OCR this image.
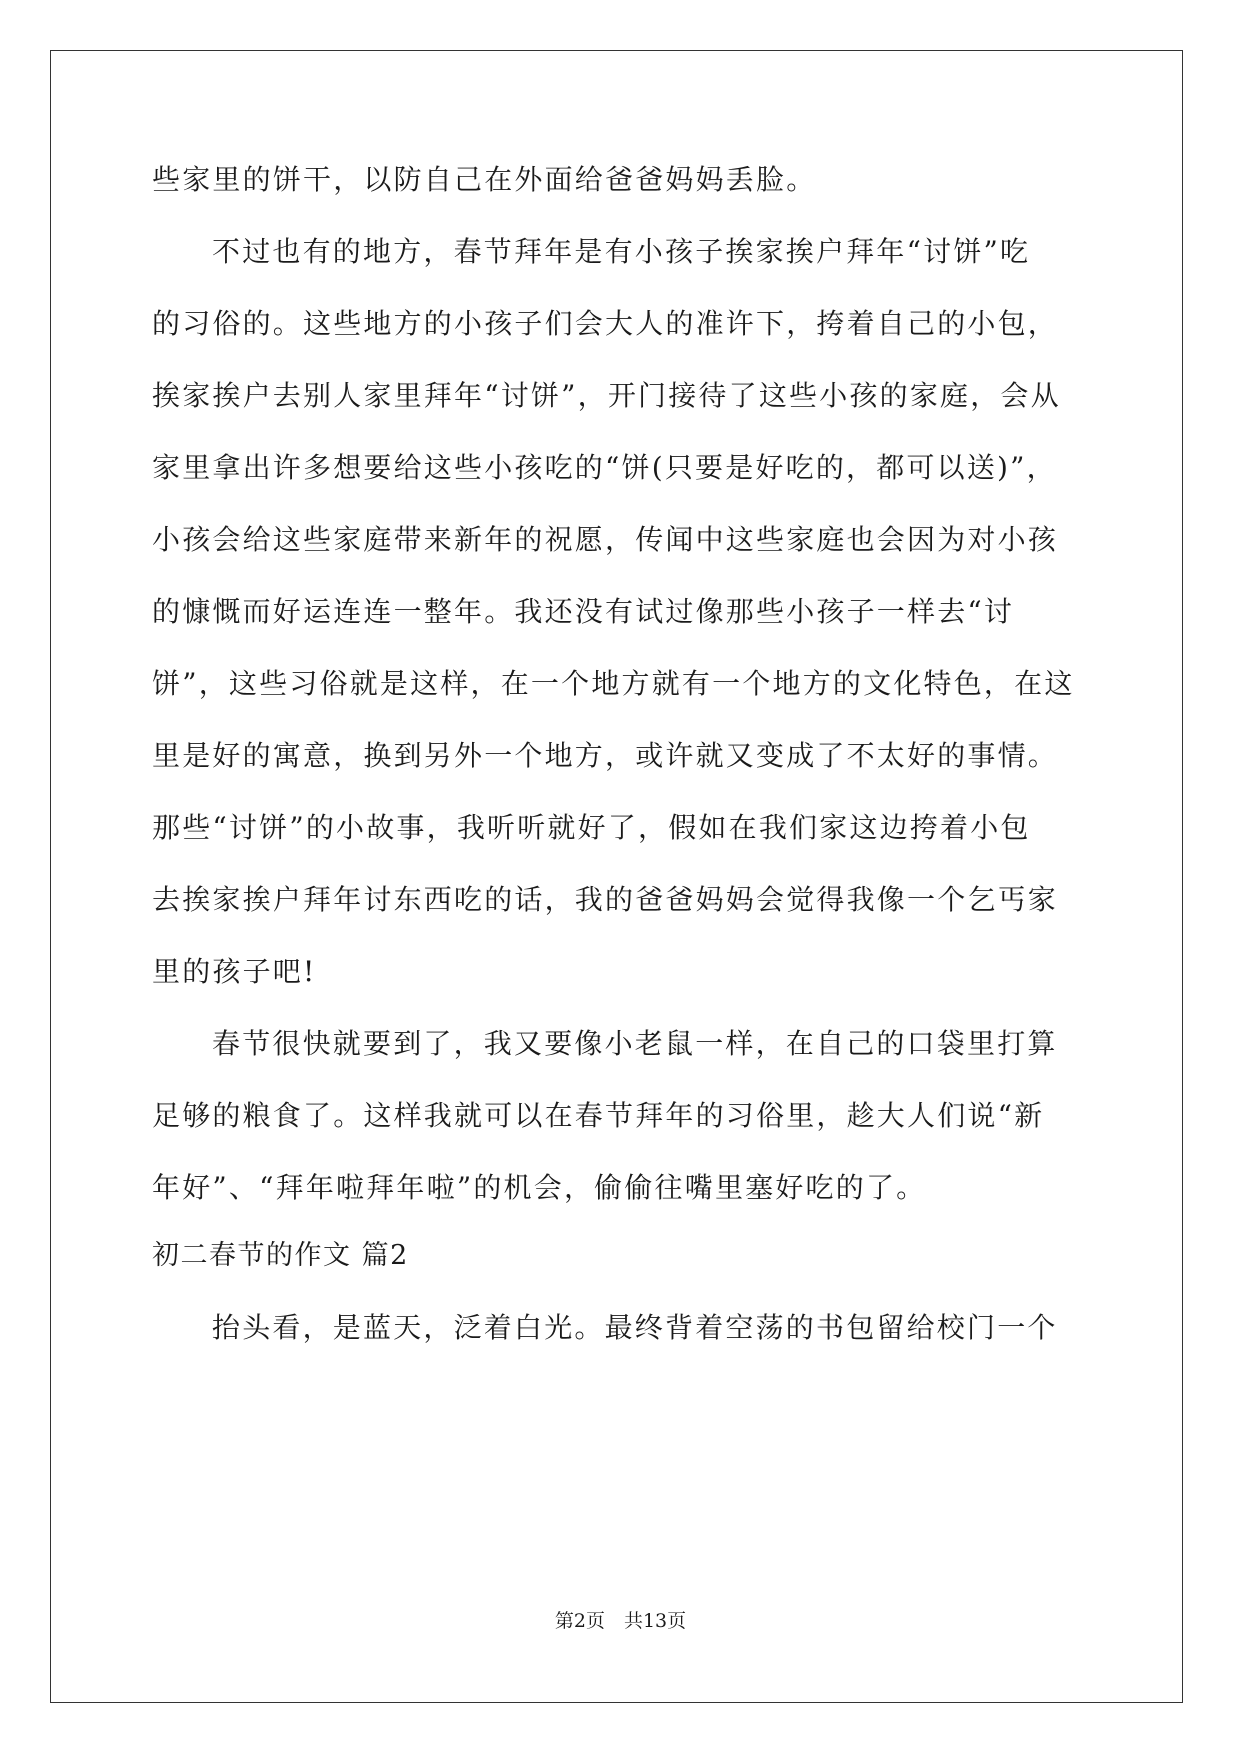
些家里的饼干，以防自己在外面给爸爸妈妈丢脸。
不过也有的地方，春节拜年是有小孩子挨家挨户拜年“讨饼”吃
的习俗的。这些地方的小孩子们会大人的准许下，挎着自己的小包，
挨家挨户去别人家里拜年“讨饼”，开门接待了这些小孩的家庭，会从
家里拿出许多想要给这些小孩吃的“饼(只要是好吃的，都可以送)”，
小孩会给这些家庭带来新年的祝愿，传闻中这些家庭也会因为对小孩
的慷慨而好运连连一整年。我还没有试过像那些小孩子一样去“讨
饼”，这些习俗就是这样，在一个地方就有一个地方的文化特色，在这
里是好的寓意，换到另外一个地方，或许就又变成了不太好的事情。
那些“讨饼”的小故事，我听听就好了，假如在我们家这边挎着小包
去挨家挨户拜年讨东西吃的话，我的爸爸妈妈会觉得我像一个乞丐家
里的孩子吧!
春节很快就要到了，我又要像小老鼠一样，在自己的口袋里打算
足够的粮食了。这样我就可以在春节拜年的习俗里，趁大人们说“新
年好”、“拜年啦拜年啦”的机会，偷偷往嘴里塞好吃的了。
初二春节的作文 篇2
抬头看，是蓝天，泛着白光。最终背着空荡的书包留给校门一个
第2页　共13页
